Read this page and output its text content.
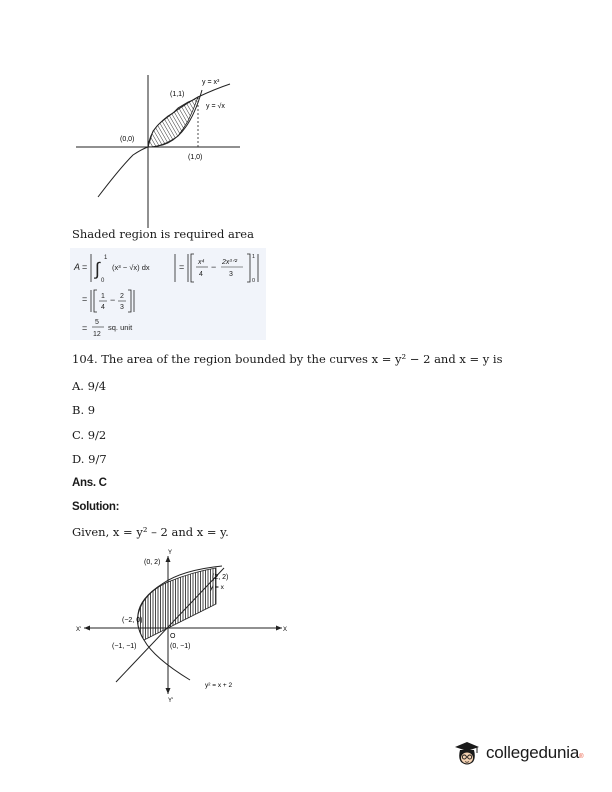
y = x³
y = √x
(1,1)
(0,0)
(1,0)
Shaded region is required area
A = ∫
1
0
(x³ − √x) dx	= x⁴
4
− 2x³ᐟ²
3
1
0
= 1
4
− 2
3
=
5
12
sq. unit
104. The area of the region bounded by the curves x = y² − 2 and x = y is
A. 9/4
B. 9
C. 9/2
D. 9/7
Ans. C
Solution:
Given, x = y² – 2 and x = y.
Y
Y'
X
X'
(0, 2)
(2, 2)
y = x
(−2, 0)
O
(−1, −1)	(0, −1)
y² = x + 2
collegedunia ®
